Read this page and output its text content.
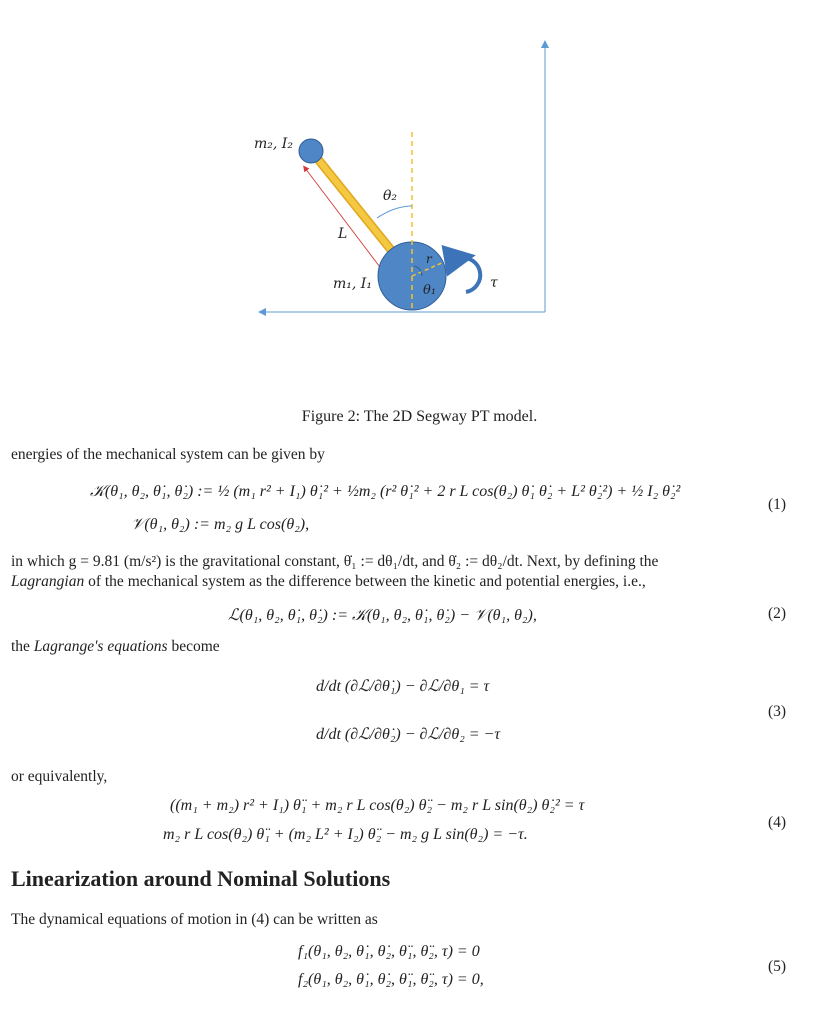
m₂, I₂
θ₂
L
r
m₁, I₁	θ₁	τ
Figure 2: The 2D Segway PT model.
energies of the mechanical system can be given by
𝒦(θ₁, θ₂, θ̇₁, θ̇₂) := ½ (m₁ r² + I₁) θ̇₁² + ½m₂ (r² θ̇₁² + 2 r L cos(θ₂) θ̇₁ θ̇₂ + L² θ̇₂²) + ½ I₂ θ̇₂²
𝒱(θ₁, θ₂) := m₂ g L cos(θ₂),
(1)
in which g = 9.81 (m/s²) is the gravitational constant, θ̇₁ := dθ₁/dt, and θ̇₂ := dθ₂/dt. Next, by defining the
Lagrangian of the mechanical system as the difference between the kinetic and potential energies, i.e.,
ℒ(θ₁, θ₂, θ̇₁, θ̇₂) := 𝒦(θ₁, θ₂, θ̇₁, θ̇₂) − 𝒱(θ₁, θ₂),	(2)
the Lagrange's equations become
d/dt (∂ℒ/∂θ̇₁) − ∂ℒ/∂θ₁ = τ
d/dt (∂ℒ/∂θ̇₂) − ∂ℒ/∂θ₂ = −τ
(3)
or equivalently,
((m₁ + m₂) r² + I₁) θ̈₁ + m₂ r L cos(θ₂) θ̈₂ − m₂ r L sin(θ₂) θ̇₂² = τ
m₂ r L cos(θ₂) θ̈₁ + (m₂ L² + I₂) θ̈₂ − m₂ g L sin(θ₂) = −τ.
(4)
Linearization around Nominal Solutions
The dynamical equations of motion in (4) can be written as
f₁(θ₁, θ₂, θ̇₁, θ̇₂, θ̈₁, θ̈₂, τ) = 0
f₂(θ₁, θ₂, θ̇₁, θ̇₂, θ̈₁, θ̈₂, τ) = 0,
(5)
